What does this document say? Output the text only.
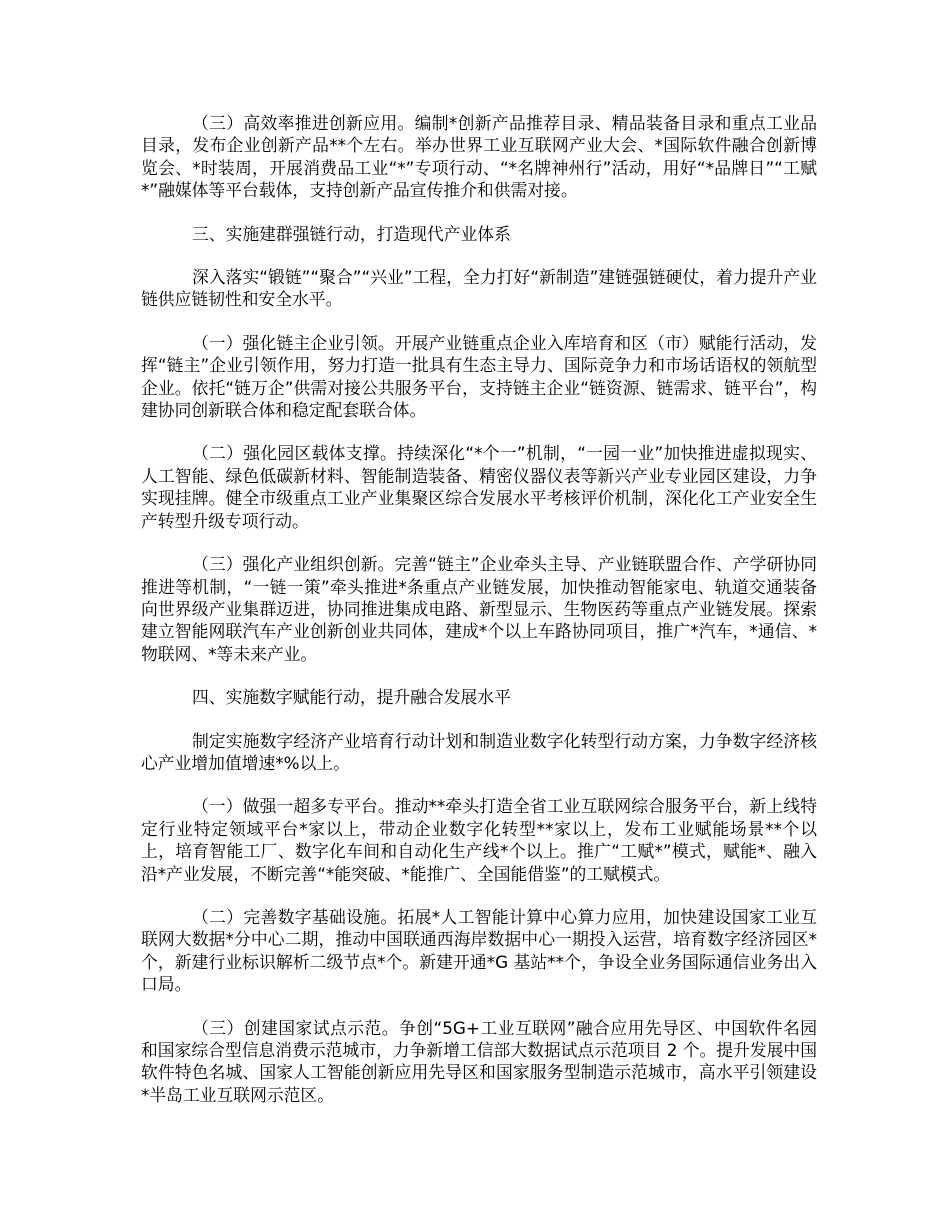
（三）高效率推进创新应用。编制*创新产品推荐目录、精品装备目录和重点工业品目录，发布企业创新产品**个左右。举办世界工业互联网产业大会、*国际软件融合创新博览会、*时装周，开展消费品工业“*”专项行动、“*名牌神州行”活动，用好“*品牌日”“工赋*”融媒体等平台载体，支持创新产品宣传推介和供需对接。

三、实施建群强链行动，打造现代产业体系

深入落实“锻链”“聚合”“兴业”工程，全力打好“新制造”建链强链硬仗，着力提升产业链供应链韧性和安全水平。

（一）强化链主企业引领。开展产业链重点企业入库培育和区（市）赋能行活动，发挥“链主”企业引领作用，努力打造一批具有生态主导力、国际竞争力和市场话语权的领航型企业。依托“链万企”供需对接公共服务平台，支持链主企业“链资源、链需求、链平台”，构建协同创新联合体和稳定配套联合体。

（二）强化园区载体支撑。持续深化“*个一”机制，“一园一业”加快推进虚拟现实、人工智能、绿色低碳新材料、智能制造装备、精密仪器仪表等新兴产业专业园区建设，力争实现挂牌。健全市级重点工业产业集聚区综合发展水平考核评价机制，深化化工产业安全生产转型升级专项行动。

（三）强化产业组织创新。完善“链主”企业牵头主导、产业链联盟合作、产学研协同推进等机制，“一链一策”牵头推进*条重点产业链发展，加快推动智能家电、轨道交通装备向世界级产业集群迈进，协同推进集成电路、新型显示、生物医药等重点产业链发展。探索建立智能网联汽车产业创新创业共同体，建成*个以上车路协同项目，推广*汽车，*通信、*物联网、*等未来产业。

四、实施数字赋能行动，提升融合发展水平

制定实施数字经济产业培育行动计划和制造业数字化转型行动方案，力争数字经济核心产业增加值增速*%以上。

（一）做强一超多专平台。推动**牵头打造全省工业互联网综合服务平台，新上线特定行业特定领域平台*家以上，带动企业数字化转型**家以上，发布工业赋能场景**个以上，培育智能工厂、数字化车间和自动化生产线*个以上。推广“工赋*”模式，赋能*、融入沿*产业发展，不断完善“*能突破、*能推广、全国能借鉴”的工赋模式。

（二）完善数字基础设施。拓展*人工智能计算中心算力应用，加快建设国家工业互联网大数据*分中心二期，推动中国联通西海岸数据中心一期投入运营，培育数字经济园区*个，新建行业标识解析二级节点*个。新建开通*G 基站**个，争设全业务国际通信业务出入口局。

（三）创建国家试点示范。争创“5G+工业互联网”融合应用先导区、中国软件名园和国家综合型信息消费示范城市，力争新增工信部大数据试点示范项目 2 个。提升发展中国软件特色名城、国家人工智能创新应用先导区和国家服务型制造示范城市，高水平引领建设*半岛工业互联网示范区。
